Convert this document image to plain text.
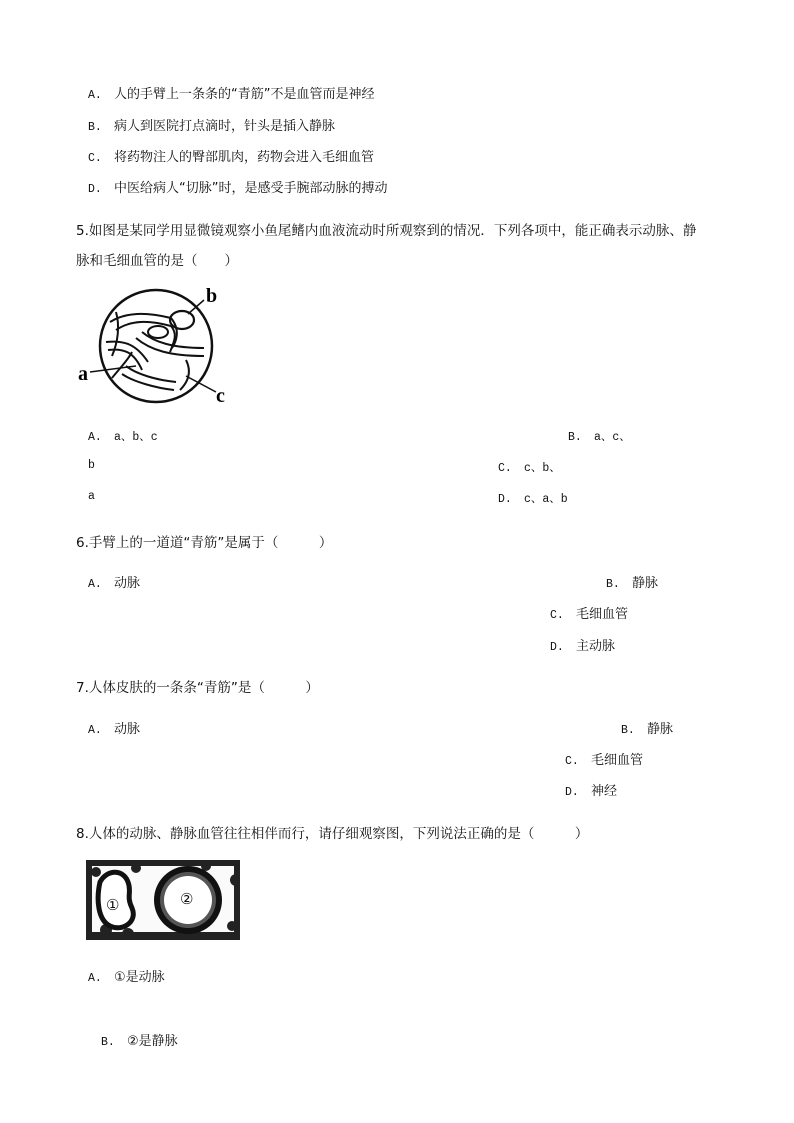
A. 人的手臂上一条条的“青筋”不是血管而是神经
B. 病人到医院打点滴时，针头是插入静脉
C. 将药物注人的臀部肌肉，药物会进入毛细血管
D. 中医给病人“切脉”时，是感受手腕部动脉的搏动
5.如图是某同学用显微镜观察小鱼尾鳍内血液流动时所观察到的情况．下列各项中，能正确表示动脉、静
脉和毛细血管的是（　　）
b
a
c
A. a、b、c	B. a、c、
b	C. c、b、
a	D. c、a、b
6.手臂上的一道道“青筋”是属于（　　　）
A. 动脉	B. 静脉
C. 毛细血管
D. 主动脉
7.人体皮肤的一条条“青筋”是（　　　）
A. 动脉	B. 静脉
C. 毛细血管
D. 神经
8.人体的动脉、静脉血管往往相伴而行，请仔细观察图，下列说法正确的是（　　　）
①	②
A. ①是动脉
B. ②是静脉
